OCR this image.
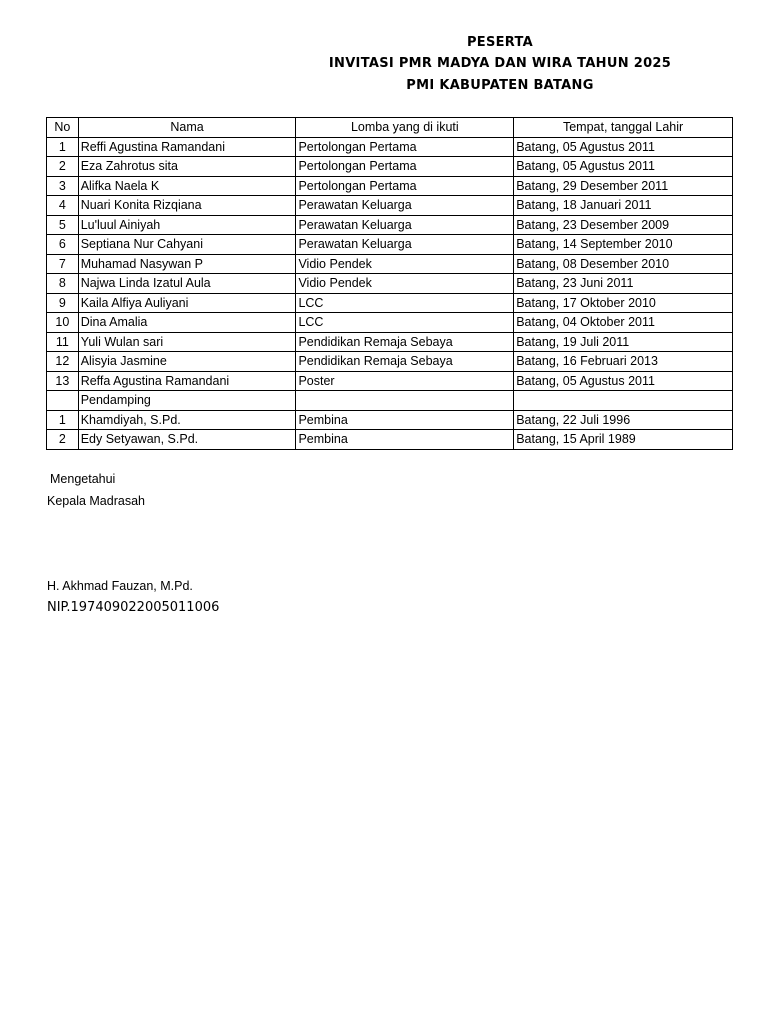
PESERTA
INVITASI PMR MADYA DAN WIRA TAHUN 2025
PMI KABUPATEN BATANG
No	Nama	Lomba yang di ikuti	Tempat, tanggal Lahir
1	Reffi Agustina Ramandani	Pertolongan Pertama	Batang, 05 Agustus 2011
2	Eza Zahrotus sita	Pertolongan Pertama	Batang, 05 Agustus 2011
3	Alifka Naela K	Pertolongan Pertama	Batang, 29 Desember 2011
4	Nuari Konita Rizqiana	Perawatan Keluarga	Batang, 18 Januari 2011
5	Lu'luul Ainiyah	Perawatan Keluarga	Batang, 23 Desember 2009
6	Septiana Nur Cahyani	Perawatan Keluarga	Batang, 14 September 2010
7	Muhamad Nasywan P	Vidio Pendek	Batang, 08 Desember 2010
8	Najwa Linda Izatul Aula	Vidio Pendek	Batang, 23 Juni 2011
9	Kaila Alfiya Auliyani	LCC	Batang, 17 Oktober 2010
10	Dina Amalia	LCC	Batang, 04 Oktober 2011
11	Yuli Wulan sari	Pendidikan Remaja Sebaya	Batang, 19 Juli 2011
12	Alisyia Jasmine	Pendidikan Remaja Sebaya	Batang, 16 Februari 2013
13	Reffa Agustina Ramandani	Poster	Batang, 05 Agustus 2011
	Pendamping		
1	Khamdiyah, S.Pd.	Pembina	Batang, 22 Juli 1996
2	Edy Setyawan, S.Pd.	Pembina	Batang, 15 April 1989
Mengetahui
Kepala Madrasah
H. Akhmad Fauzan, M.Pd.
NIP.197409022005011006
